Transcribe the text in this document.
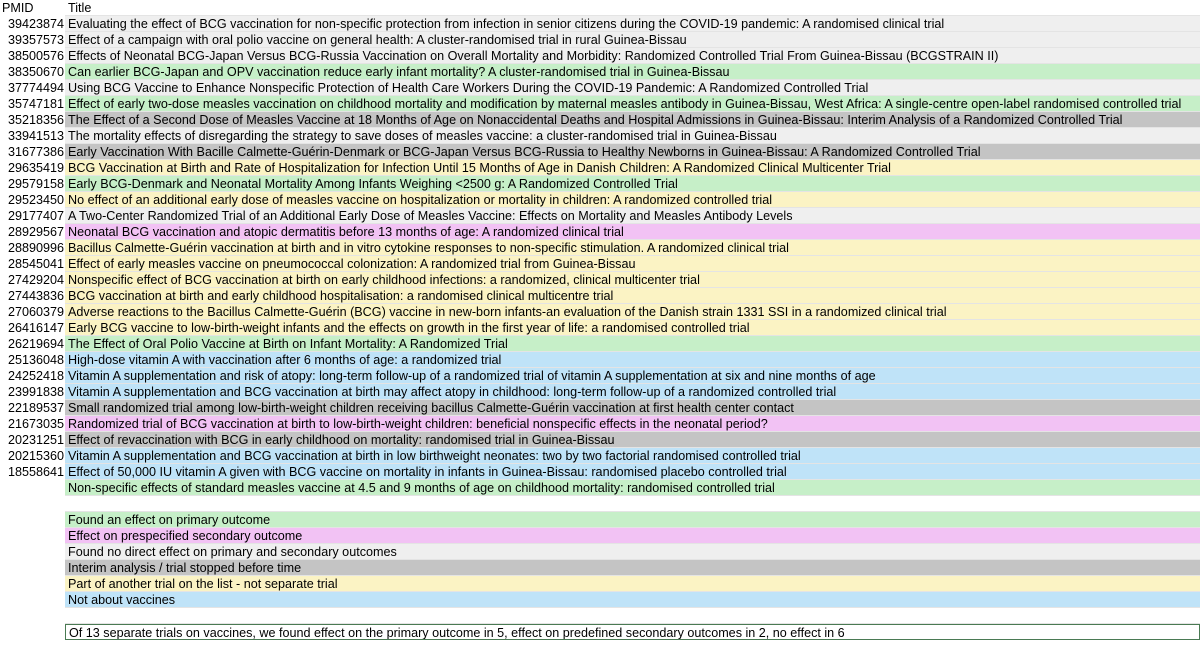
PMID	Title
39423874 Evaluating the effect of BCG vaccination for non-specific protection from infection in senior citizens during the COVID-19 pandemic: A randomised clinical trial
39357573 Effect of a campaign with oral polio vaccine on general health: A cluster-randomised trial in rural Guinea-Bissau
38500576 Effects of Neonatal BCG-Japan Versus BCG-Russia Vaccination on Overall Mortality and Morbidity: Randomized Controlled Trial From Guinea-Bissau (BCGSTRAIN II)
38350670 Can earlier BCG-Japan and OPV vaccination reduce early infant mortality? A cluster-randomised trial in Guinea-Bissau
37774494 Using BCG Vaccine to Enhance Nonspecific Protection of Health Care Workers During the COVID-19 Pandemic: A Randomized Controlled Trial
35747181 Effect of early two-dose measles vaccination on childhood mortality and modification by maternal measles antibody in Guinea-Bissau, West Africa: A single-centre open-label randomised controlled trial
35218356 The Effect of a Second Dose of Measles Vaccine at 18 Months of Age on Nonaccidental Deaths and Hospital Admissions in Guinea-Bissau: Interim Analysis of a Randomized Controlled Trial
33941513 The mortality effects of disregarding the strategy to save doses of measles vaccine: a cluster-randomised trial in Guinea-Bissau
31677386 Early Vaccination With Bacille Calmette-Guérin-Denmark or BCG-Japan Versus BCG-Russia to Healthy Newborns in Guinea-Bissau: A Randomized Controlled Trial
29635419 BCG Vaccination at Birth and Rate of Hospitalization for Infection Until 15 Months of Age in Danish Children: A Randomized Clinical Multicenter Trial
29579158 Early BCG-Denmark and Neonatal Mortality Among Infants Weighing <2500 g: A Randomized Controlled Trial
29523450 No effect of an additional early dose of measles vaccine on hospitalization or mortality in children: A randomized controlled trial
29177407 A Two-Center Randomized Trial of an Additional Early Dose of Measles Vaccine: Effects on Mortality and Measles Antibody Levels
28929567 Neonatal BCG vaccination and atopic dermatitis before 13 months of age: A randomized clinical trial
28890996 Bacillus Calmette-Guérin vaccination at birth and in vitro cytokine responses to non-specific stimulation. A randomized clinical trial
28545041 Effect of early measles vaccine on pneumococcal colonization: A randomized trial from Guinea-Bissau
27429204 Nonspecific effect of BCG vaccination at birth on early childhood infections: a randomized, clinical multicenter trial
27443836 BCG vaccination at birth and early childhood hospitalisation: a randomised clinical multicentre trial
27060379 Adverse reactions to the Bacillus Calmette-Guérin (BCG) vaccine in new-born infants-an evaluation of the Danish strain 1331 SSI in a randomized clinical trial
26416147 Early BCG vaccine to low-birth-weight infants and the effects on growth in the first year of life: a randomised controlled trial
26219694 The Effect of Oral Polio Vaccine at Birth on Infant Mortality: A Randomized Trial
25136048 High-dose vitamin A with vaccination after 6 months of age: a randomized trial
24252418 Vitamin A supplementation and risk of atopy: long-term follow-up of a randomized trial of vitamin A supplementation at six and nine months of age
23991838 Vitamin A supplementation and BCG vaccination at birth may affect atopy in childhood: long-term follow-up of a randomized controlled trial
22189537 Small randomized trial among low-birth-weight children receiving bacillus Calmette-Guérin vaccination at first health center contact
21673035 Randomized trial of BCG vaccination at birth to low-birth-weight children: beneficial nonspecific effects in the neonatal period?
20231251 Effect of revaccination with BCG in early childhood on mortality: randomised trial in Guinea-Bissau
20215360 Vitamin A supplementation and BCG vaccination at birth in low birthweight neonates: two by two factorial randomised controlled trial
18558641 Effect of 50,000 IU vitamin A given with BCG vaccine on mortality in infants in Guinea-Bissau: randomised placebo controlled trial
Non-specific effects of standard measles vaccine at 4.5 and 9 months of age on childhood mortality: randomised controlled trial
Found an effect on primary outcome
Effect on prespecified secondary outcome
Found no direct effect on primary and secondary outcomes
Interim analysis / trial stopped before time
Part of another trial on the list - not separate trial
Not about vaccines
Of 13 separate trials on vaccines, we found effect on the primary outcome in 5, effect on predefined secondary outcomes in 2, no effect in 6
